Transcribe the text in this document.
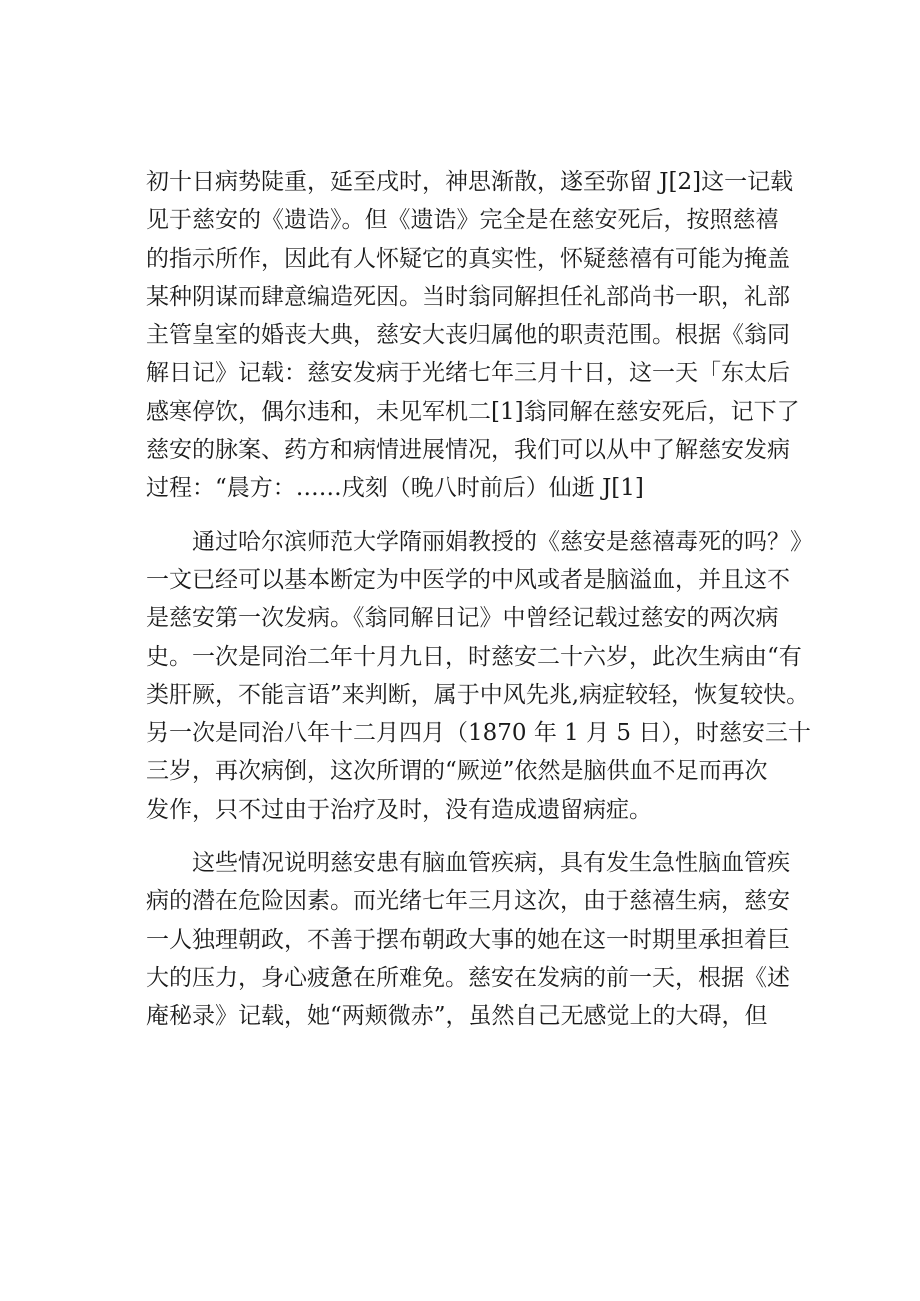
初十日病势陡重，延至戌时，神思渐散，遂至弥留 J[2]这一记载
见于慈安的《遗诰》。但《遗诰》完全是在慈安死后，按照慈禧
的指示所作，因此有人怀疑它的真实性，怀疑慈禧有可能为掩盖
某种阴谋而肆意编造死因。当时翁同解担任礼部尚书一职，礼部
主管皇室的婚丧大典，慈安大丧归属他的职责范围。根据《翁同
解日记》记载：慈安发病于光绪七年三月十日，这一天「东太后
感寒停饮，偶尔违和，未见军机二[1]翁同解在慈安死后，记下了
慈安的脉案、药方和病情进展情况，我们可以从中了解慈安发病
过程：“晨方：……戌刻（晚八时前后）仙逝 J[1]
通过哈尔滨师范大学隋丽娟教授的《慈安是慈禧毒死的吗？》
一文已经可以基本断定为中医学的中风或者是脑溢血，并且这不
是慈安第一次发病。《翁同解日记》中曾经记载过慈安的两次病
史。一次是同治二年十月九日，时慈安二十六岁，此次生病由“有
类肝厥，不能言语”来判断，属于中风先兆,病症较轻，恢复较快。
另一次是同治八年十二月四月（1870 年 1 月 5 日），时慈安三十
三岁，再次病倒，这次所谓的“厥逆”依然是脑供血不足而再次
发作，只不过由于治疗及时，没有造成遗留病症。
这些情况说明慈安患有脑血管疾病，具有发生急性脑血管疾
病的潜在危险因素。而光绪七年三月这次，由于慈禧生病，慈安
一人独理朝政，不善于摆布朝政大事的她在这一时期里承担着巨
大的压力，身心疲惫在所难免。慈安在发病的前一天，根据《述
庵秘录》记载，她“两颊微赤”，虽然自己无感觉上的大碍，但
